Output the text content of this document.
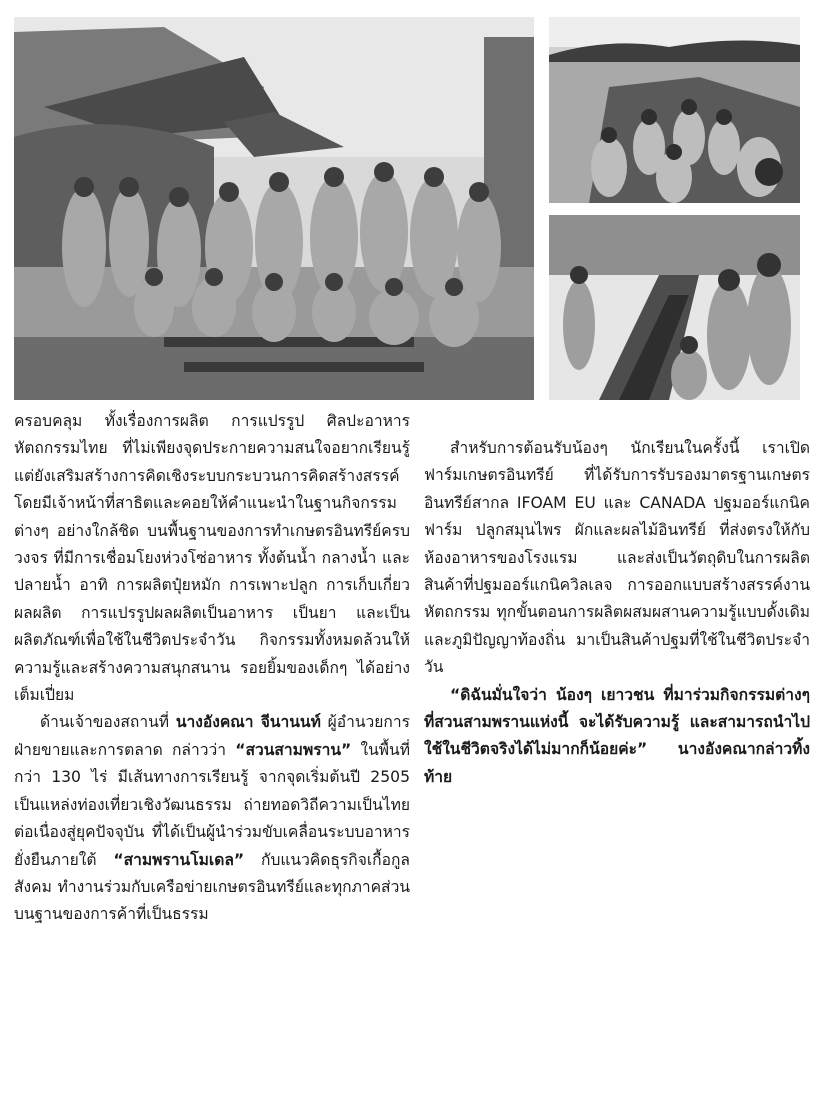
ครอบคลุม ทั้งเรื่องการผลิต การแปรรูป ศิลปะอาหาร หัตถกรรมไทย ที่ไม่เพียงจุดประกายความสนใจอยากเรียนรู้ แต่ยังเสริมสร้างการคิดเชิงระบบกระบวนการคิดสร้างสรรค์ โดยมีเจ้าหน้าที่สาธิตและคอยให้คำแนะนำในฐานกิจกรรมต่างๆ อย่างใกล้ชิด บนพื้นฐานของการทำเกษตรอินทรีย์ครบวงจร ที่มีการเชื่อมโยงห่วงโซ่อาหาร ทั้งต้นน้ำ กลางน้ำ และปลายน้ำ อาทิ การผลิตปุ๋ยหมัก การเพาะปลูก การเก็บเกี่ยวผลผลิต การแปรรูปผลผลิตเป็นอาหาร เป็นยา และเป็นผลิตภัณฑ์เพื่อใช้ในชีวิตประจำวัน กิจกรรมทั้งหมดล้วนให้ความรู้และสร้างความสนุกสนาน รอยยิ้มของเด็กๆ ได้อย่างเต็มเปี่ยม

ด้านเจ้าของสถานที่ นางอังคณา จีนานนท์ ผู้อำนวยการฝ่ายขายและการตลาด กล่าวว่า “สวนสามพราน” ในพื้นที่กว่า 130 ไร่ มีเส้นทางการเรียนรู้ จากจุดเริ่มต้นปี 2505 เป็นแหล่งท่องเที่ยวเชิงวัฒนธรรม ถ่ายทอดวิถีความเป็นไทยต่อเนื่องสู่ยุคปัจจุบัน ที่ได้เป็นผู้นำร่วมขับเคลื่อนระบบอาหารยั่งยืนภายใต้ “สามพรานโมเดล” กับแนวคิดธุรกิจเกื้อกูลสังคม ทำงานร่วมกับเครือข่ายเกษตรอินทรีย์และทุกภาคส่วนบนฐานของการค้าที่เป็นธรรม

สำหรับการต้อนรับน้องๆ นักเรียนในครั้งนี้ เราเปิดฟาร์มเกษตรอินทรีย์ ที่ได้รับการรับรองมาตรฐานเกษตรอินทรีย์สากล IFOAM EU และ CANADA ปฐมออร์แกนิคฟาร์ม ปลูกสมุนไพร ผักและผลไม้อินทรีย์ ที่ส่งตรงให้กับห้องอาหารของโรงแรม และส่งเป็นวัตถุดิบในการผลิตสินค้าที่ปฐมออร์แกนิควิลเลจ การออกแบบสร้างสรรค์งานหัตถกรรม ทุกขั้นตอนการผลิตผสมผสานความรู้แบบดั้งเดิมและภูมิปัญญาท้องถิ่น มาเป็นสินค้าปฐมที่ใช้ในชีวิตประจำวัน

“ดิฉันมั่นใจว่า น้องๆ เยาวชน ที่มาร่วมกิจกรรมต่างๆ ที่สวนสามพรานแห่งนี้ จะได้รับความรู้ และสามารถนำไปใช้ในชีวิตจริงได้ไม่มากก็น้อยค่ะ” นางอังคณากล่าวทิ้งท้าย
